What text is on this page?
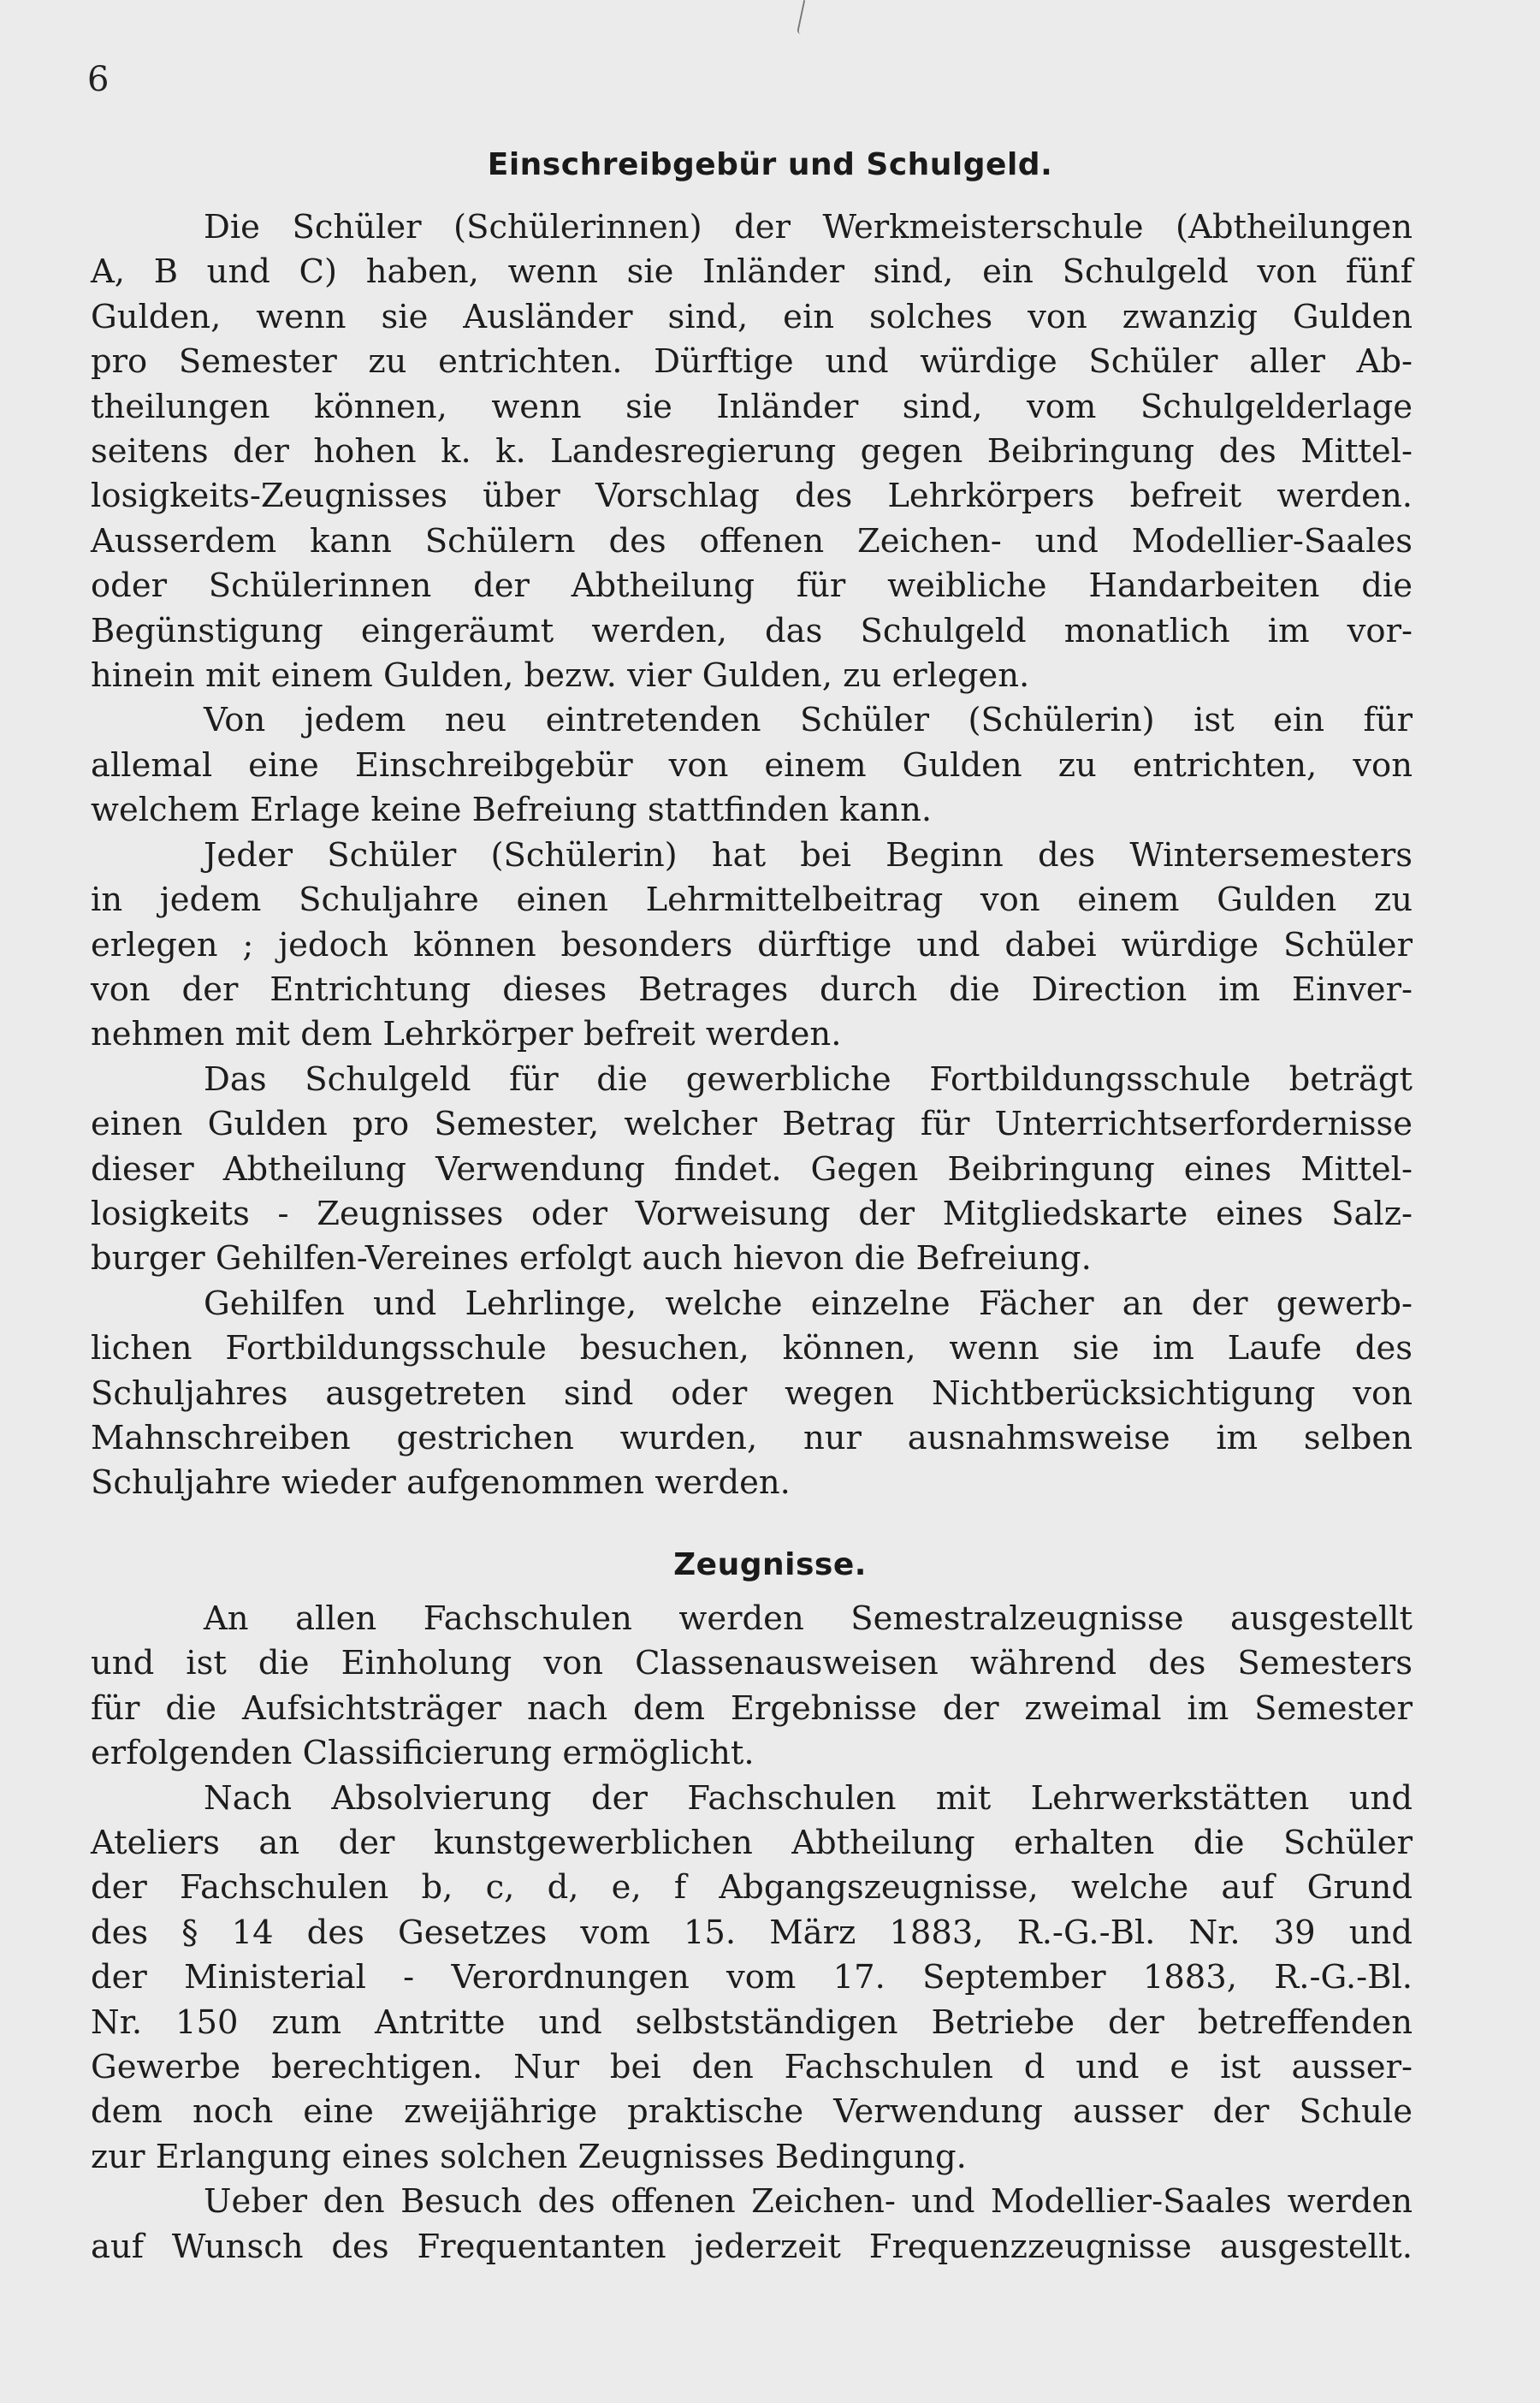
6
Einschreibgebür und Schulgeld.
Die Schüler (Schülerinnen) der Werkmeisterschule (Abtheilungen
A, B und C) haben, wenn sie Inländer sind, ein Schulgeld von fünf
Gulden, wenn sie Ausländer sind, ein solches von zwanzig Gulden
pro Semester zu entrichten. Dürftige und würdige Schüler aller Ab-
theilungen können, wenn sie Inländer sind, vom Schulgelderlage
seitens der hohen k. k. Landesregierung gegen Beibringung des Mittel-
losigkeits-Zeugnisses über Vorschlag des Lehrkörpers befreit werden.
Ausserdem kann Schülern des offenen Zeichen- und Modellier-Saales
oder Schülerinnen der Abtheilung für weibliche Handarbeiten die
Begünstigung eingeräumt werden, das Schulgeld monatlich im vor-
hinein mit einem Gulden, bezw. vier Gulden, zu erlegen.
Von jedem neu eintretenden Schüler (Schülerin) ist ein für
allemal eine Einschreibgebür von einem Gulden zu entrichten, von
welchem Erlage keine Befreiung stattfinden kann.
Jeder Schüler (Schülerin) hat bei Beginn des Wintersemesters
in jedem Schuljahre einen Lehrmittelbeitrag von einem Gulden zu
erlegen ; jedoch können besonders dürftige und dabei würdige Schüler
von der Entrichtung dieses Betrages durch die Direction im Einver-
nehmen mit dem Lehrkörper befreit werden.
Das Schulgeld für die gewerbliche Fortbildungsschule beträgt
einen Gulden pro Semester, welcher Betrag für Unterrichtserfordernisse
dieser Abtheilung Verwendung findet. Gegen Beibringung eines Mittel-
losigkeits - Zeugnisses oder Vorweisung der Mitgliedskarte eines Salz-
burger Gehilfen-Vereines erfolgt auch hievon die Befreiung.
Gehilfen und Lehrlinge, welche einzelne Fächer an der gewerb-
lichen Fortbildungsschule besuchen, können, wenn sie im Laufe des
Schuljahres ausgetreten sind oder wegen Nichtberücksichtigung von
Mahnschreiben gestrichen wurden, nur ausnahmsweise im selben
Schuljahre wieder aufgenommen werden.
Zeugnisse.
An allen Fachschulen werden Semestralzeugnisse ausgestellt
und ist die Einholung von Classenausweisen während des Semesters
für die Aufsichtsträger nach dem Ergebnisse der zweimal im Semester
erfolgenden Classificierung ermöglicht.
Nach Absolvierung der Fachschulen mit Lehrwerkstätten und
Ateliers an der kunstgewerblichen Abtheilung erhalten die Schüler
der Fachschulen b, c, d, e, f Abgangszeugnisse, welche auf Grund
des § 14 des Gesetzes vom 15. März 1883, R.-G.-Bl. Nr. 39 und
der Ministerial - Verordnungen vom 17. September 1883, R.-G.-Bl.
Nr. 150 zum Antritte und selbstständigen Betriebe der betreffenden
Gewerbe berechtigen. Nur bei den Fachschulen d und e ist ausser-
dem noch eine zweijährige praktische Verwendung ausser der Schule
zur Erlangung eines solchen Zeugnisses Bedingung.
Ueber den Besuch des offenen Zeichen- und Modellier-Saales werden
auf Wunsch des Frequentanten jederzeit Frequenzzeugnisse ausgestellt.
